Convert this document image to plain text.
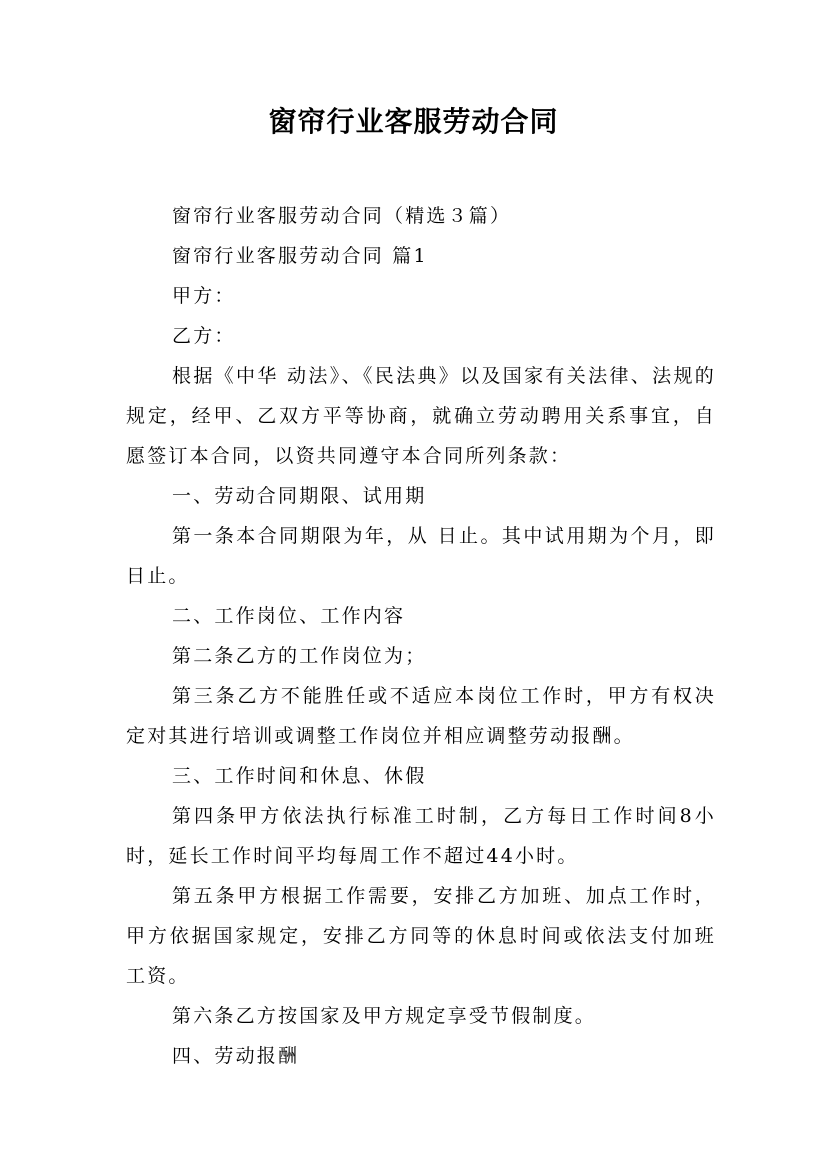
窗帘行业客服劳动合同

窗帘行业客服劳动合同（精选３篇）

窗帘行业客服劳动合同 篇1

甲方：

乙方：

根据《中华 动法》、《民法典》以及国家有关法律、法规的规定，经甲、乙双方平等协商，就确立劳动聘用关系事宜，自愿签订本合同，以资共同遵守本合同所列条款：

一、劳动合同期限、试用期

第一条本合同期限为年，从 日止。其中试用期为个月，即 日止。

二、工作岗位、工作内容

第二条乙方的工作岗位为；

第三条乙方不能胜任或不适应本岗位工作时，甲方有权决定对其进行培训或调整工作岗位并相应调整劳动报酬。

三、工作时间和休息、休假

第四条甲方依法执行标准工时制，乙方每日工作时间8小时，延长工作时间平均每周工作不超过44小时。

第五条甲方根据工作需要，安排乙方加班、加点工作时，甲方依据国家规定，安排乙方同等的休息时间或依法支付加班工资。

第六条乙方按国家及甲方规定享受节假制度。

四、劳动报酬
